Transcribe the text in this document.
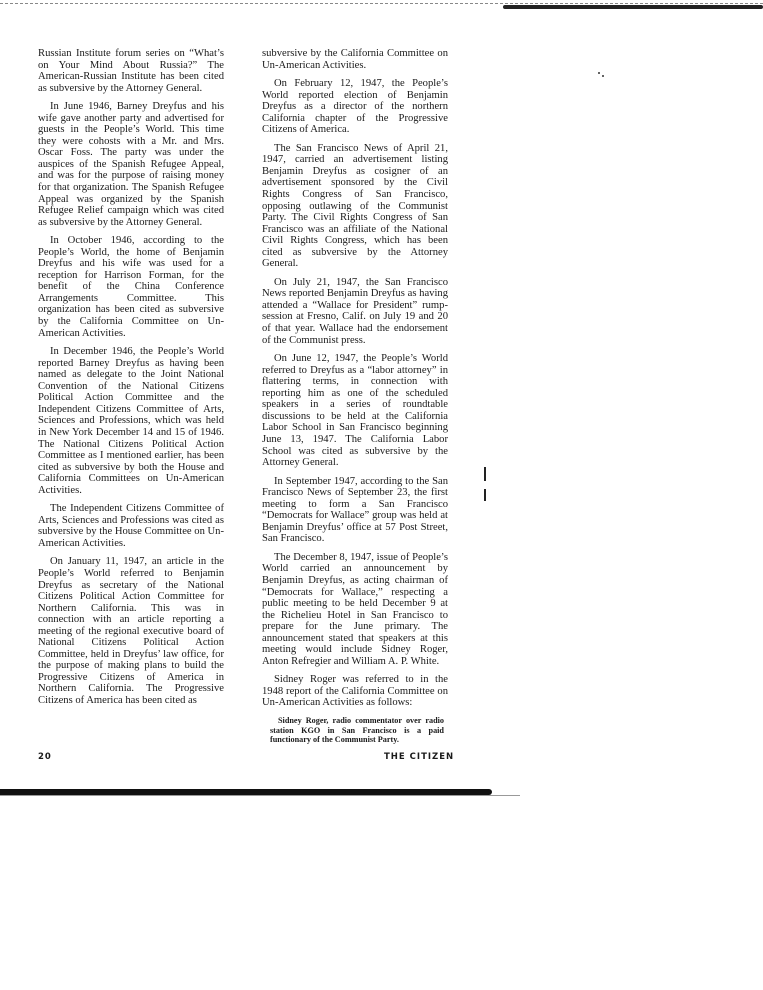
Russian Institute forum series on “What’s on Your Mind About Russia?” The American-Russian Institute has been cited as subversive by the Attorney General.

In June 1946, Barney Dreyfus and his wife gave another party and advertised for guests in the People’s World. This time they were cohosts with a Mr. and Mrs. Oscar Foss. The party was under the auspices of the Spanish Refugee Appeal, and was for the purpose of raising money for that organization. The Spanish Refugee Appeal was organized by the Spanish Refugee Relief campaign which was cited as subversive by the Attorney General.

In October 1946, according to the People’s World, the home of Benjamin Dreyfus and his wife was used for a reception for Harrison Forman, for the benefit of the China Conference Arrangements Committee. This organization has been cited as subversive by the California Committee on Un-American Activities.

In December 1946, the People’s World reported Barney Dreyfus as having been named as delegate to the Joint National Convention of the National Citizens Political Action Committee and the Independent Citizens Committee of Arts, Sciences and Professions, which was held in New York December 14 and 15 of 1946. The National Citizens Political Action Committee as I mentioned earlier, has been cited as subversive by both the House and California Committees on Un-American Activities.

The Independent Citizens Committee of Arts, Sciences and Professions was cited as subversive by the House Committee on Un-American Activities.

On January 11, 1947, an article in the People’s World referred to Benjamin Dreyfus as secretary of the National Citizens Political Action Committee for Northern California. This was in connection with an article reporting a meeting of the regional executive board of National Citizens Political Action Committee, held in Dreyfus’ law office, for the purpose of making plans to build the Progressive Citizens of America in Northern California. The Progressive Citizens of America has been cited as

subversive by the California Committee on Un-American Activities.

On February 12, 1947, the People’s World reported election of Benjamin Dreyfus as a director of the northern California chapter of the Progressive Citizens of America.

The San Francisco News of April 21, 1947, carried an advertisement listing Benjamin Dreyfus as cosigner of an advertisement sponsored by the Civil Rights Congress of San Francisco, opposing outlawing of the Communist Party. The Civil Rights Congress of San Francisco was an affiliate of the National Civil Rights Congress, which has been cited as subversive by the Attorney General.

On July 21, 1947, the San Francisco News reported Benjamin Dreyfus as having attended a “Wallace for President” rump-session at Fresno, Calif. on July 19 and 20 of that year. Wallace had the endorsement of the Communist press.

On June 12, 1947, the People’s World referred to Dreyfus as a “labor attorney” in flattering terms, in connection with reporting him as one of the scheduled speakers in a series of roundtable discussions to be held at the California Labor School in San Francisco beginning June 13, 1947. The California Labor School was cited as subversive by the Attorney General.

In September 1947, according to the San Francisco News of September 23, the first meeting to form a San Francisco “Democrats for Wallace” group was held at Benjamin Dreyfus’ office at 57 Post Street, San Francisco.

The December 8, 1947, issue of People’s World carried an announcement by Benjamin Dreyfus, as acting chairman of “Democrats for Wallace,” respecting a public meeting to be held December 9 at the Richelieu Hotel in San Francisco to prepare for the June primary. The announcement stated that speakers at this meeting would include Sidney Roger, Anton Refregier and William A. P. White.

Sidney Roger was referred to in the 1948 report of the California Committee on Un-American Activities as follows:

Sidney Roger, radio commentator over radio station KGO in San Francisco is a paid functionary of the Communist Party.

20	THE CITIZEN
